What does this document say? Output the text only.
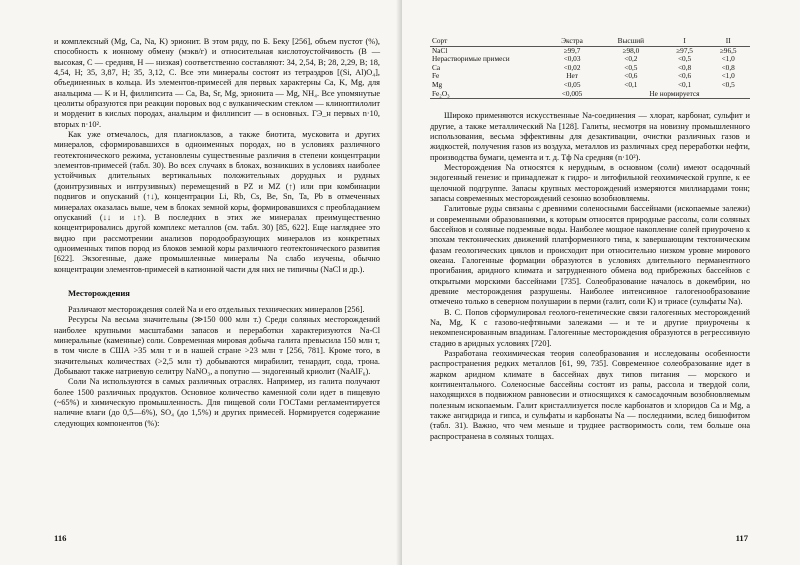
и комплексный (Mg, Ca, Na, K) эрионит. В этом ряду, по Б. Беку [256], объем пустот (%), способность к ионному обмену (мэкв/г) и относительная кислотоустойчивость (В — высокая, С — средняя, Н — низкая) соответственно составляют: 34, 2,54, В; 28, 2,29, В; 18, 4,54, Н; 35, 3,87, Н; 35, 3,12, С. Все эти минералы состоят из тетраэдров [(Si, Al)O₄], объединенных в кольца. Из элементов-примесей для первых характерны Ca, K, Mg, для анальцима — K и H, филлипсита — Ca, Ba, Sr, Mg, эрионита — Mg, NH₄. Все упомянутые цеолиты образуются при реакции поровых вод с вулканическим стеклом — клиноптилолит и морденит в кислых породах, анальцим и филлипсит — в основных. ГЭ_н первых n·10, вторых n·10².

Как уже отмечалось, для плагиоклазов, а также биотита, мусковита и других минералов, сформировавшихся в одноименных породах, но в условиях различного геотектонического режима, установлены существенные различия в степени концентрации элементов-примесей (табл. 30). Во всех случаях в блоках, возникших в условиях наиболее устойчивых длительных вертикальных положительных дорудных и рудных (доинтрузивных и интрузивных) перемещений в PZ и MZ (↑) или при комбинации подвигов и опусканий (↑↓), концентрации Li, Rb, Cs, Be, Sn, Ta, Pb в отмеченных минералах оказалась выше, чем в блоках земной коры, формировавшихся с преобладанием опусканий (↓↓ и ↓↑). В последних в этих же минералах преимущественно концентрировались другой комплекс металлов (см. табл. 30) [85, 622]. Еще нагляднее это видно при рассмотрении анализов породообразующих минералов из конкретных одноименных типов пород из блоков земной коры различного геотектонического развития [622]. Экзогенные, даже промышленные минералы Na слабо изучены, обычно концентрации элементов-примесей в катионной части для них не типичны (NaCl и др.).

Месторождения

Различают месторождения солей Na и его отдельных технических минералов [256].

Ресурсы Na весьма значительны (≫150 000 млн т.) Среди соляных месторождений наиболее крупными масштабами запасов и переработки характеризуются Na-Cl минеральные (каменные) соли. Современная мировая добыча галита превысила 150 млн т, в том числе в США >35 млн т и в нашей стране >23 млн т [256, 781]. Кроме того, в значительных количествах (>2,5 млн т) добываются мирабилит, тенардит, сода, трона. Добывают также натриевую селитру NaNO₃, а попутно — эндогенный криолит (NaAlF₆).

Соли Na используются в самых различных отраслях. Например, из галита получают более 1500 различных продуктов. Основное количество каменной соли идет в пищевую (~65%) и химическую промышленность. Для пищевой соли ГОСТами регламентируется наличие влаги (до 0,5—6%), SO₄ (до 1,5%) и других примесей. Нормируется содержание следующих компонентов (%):

116
Сорт	Экстра	Высший	I	II
NaCl	≥99,7	≥98,0	≥97,5	≥96,5
Нерастворимые примеси	<0,03	<0,2	<0,5	<1,0
Ca	<0,02	<0,5	<0,8	<0,8
Fe	Нет	<0,6	<0,6	<1,0
Mg	<0,05	<0,1	<0,1	<0,5
Fe₂O₃	<0,005	Не нормируется		

Широко применяются искусственные Na-соединения — хлорат, карбонат, сульфит и другие, а также металлический Na [128]. Галиты, несмотря на новизну промышленного использования, весьма эффективны для дезактивации, очистки различных газов и жидкостей, получения газов из воздуха, металлов из различных сред переработки нефти, производства бумаги, цемента и т. д. Тф Na средняя (n·10²).

Месторождения Na относятся к нерудным, в основном (соли) имеют осадочный эндогенный генезис и принадлежат к гидро- и литофильной геохимической группе, к ее щелочной подгруппе. Запасы крупных месторождений измеряются миллиардами тонн; запасы современных месторождений сезонно возобновляемы.

Галитовые руды связаны с древними соленосными бассейнами (ископаемые залежи) и современными образованиями, к которым относятся природные рассолы, соли соляных бассейнов и соляные подземные воды. Наиболее мощное накопление солей приурочено к эпохам тектонических движений платформенного типа, к завершающим тектоническим фазам геологических циклов и происходит при относительно низком уровне мирового океана. Галогенные формации образуются в условиях длительного перманентного прогибания, аридного климата и затрудненного обмена вод прибрежных бассейнов с открытыми морскими бассейнами [735]. Солеобразование началось в докембрии, но древние месторождения разрушены. Наиболее интенсивное галогенообразование отмечено только в северном полушарии в перми (галит, соли K) и триасе (сульфаты Na).

В. С. Попов сформулировал геолого-генетические связи галогенных месторождений Na, Mg, K с газово-нефтяными залежами — и те и другие приурочены к некомпенсированным впадинам. Галогенные месторождения образуются в регрессивную стадию в аридных условиях [720].

Разработана геохимическая теория солеобразования и исследованы особенности распространения редких металлов [61, 99, 735]. Современное солеобразование идет в жарком аридном климате в бассейнах двух типов питания — морского и континентального. Соленосные бассейны состоят из рапы, рассола и твердой соли, находящихся в подвижном равновесии и относящихся к самосадочным возобновляемым полезным ископаемым. Галит кристаллизуется после карбонатов и хлоридов Ca и Mg, а также ангидрида и гипса, и сульфаты и карбонаты Na — последними, вслед бишофитом (табл. 31). Важно, что чем меньше и труднее растворимость соли, тем больше она распространена в соляных толщах.

117
